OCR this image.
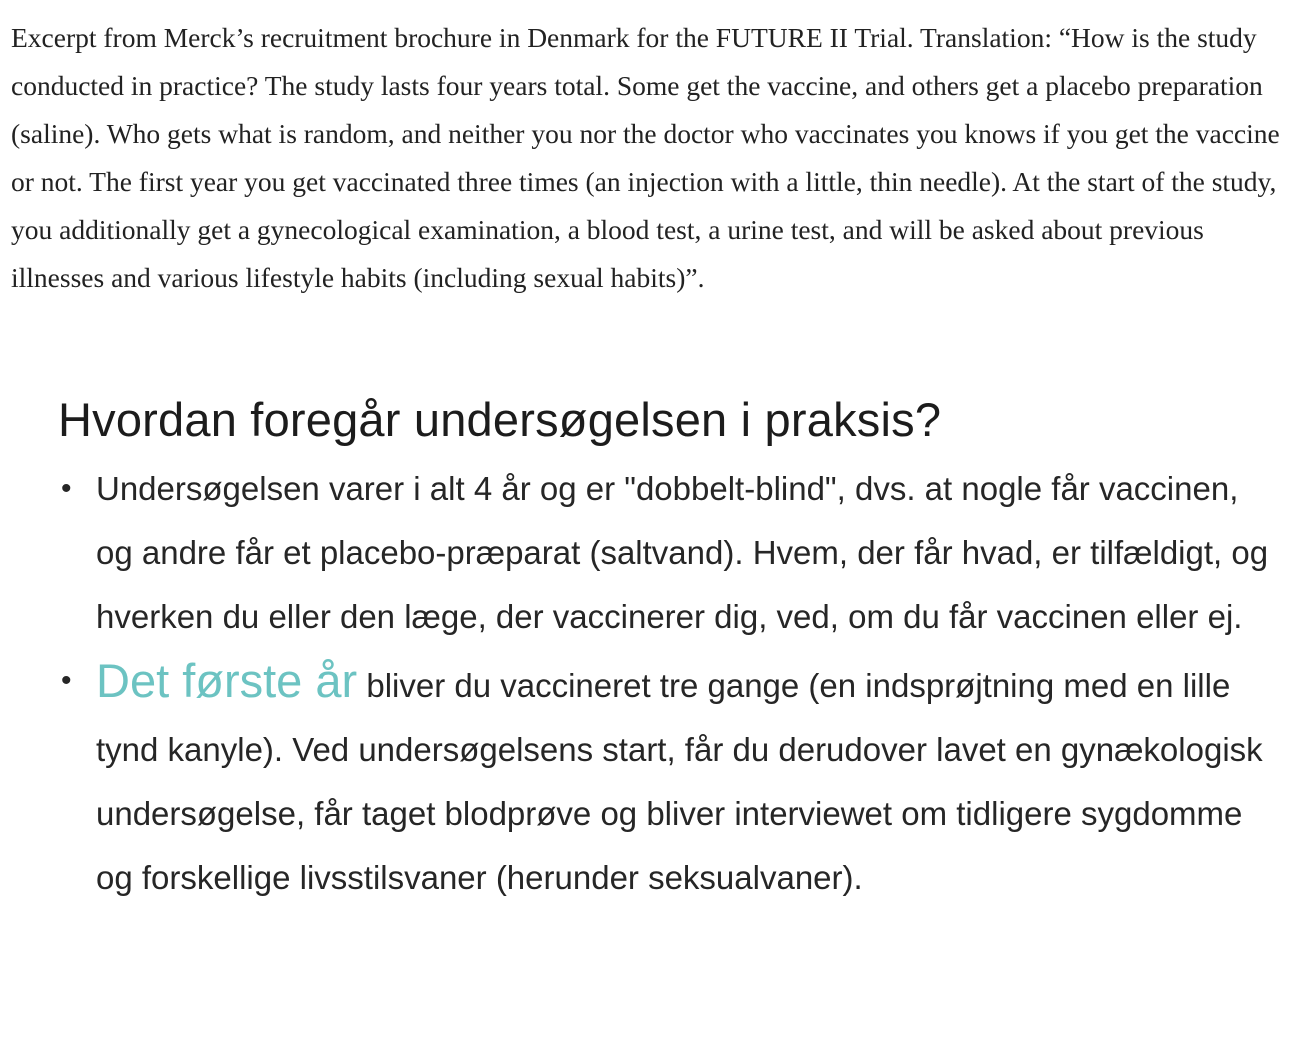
Excerpt from Merck’s recruitment brochure in Denmark for the FUTURE II Trial. Translation: “How is the study conducted in practice? The study lasts four years total. Some get the vaccine, and others get a placebo preparation (saline). Who gets what is random, and neither you nor the doctor who vaccinates you knows if you get the vaccine or not. The first year you get vaccinated three times (an injection with a little, thin needle). At the start of the study, you additionally get a gynecological examination, a blood test, a urine test, and will be asked about previous illnesses and various lifestyle habits (including sexual habits)”.

Hvordan foregår undersøgelsen i praksis?
• Undersøgelsen varer i alt 4 år og er "dobbelt-blind", dvs. at nogle får vaccinen, og andre får et placebo-præparat (saltvand). Hvem, der får hvad, er tilfældigt, og hverken du eller den læge, der vaccinerer dig, ved, om du får vaccinen eller ej.
• Det første år bliver du vaccineret tre gange (en indsprøjtning med en lille tynd kanyle). Ved undersøgelsens start, får du derudover lavet en gynækologisk undersøgelse, får taget blodprøve og bliver interviewet om tidligere sygdomme og forskellige livsstilsvaner (herunder seksualvaner).
